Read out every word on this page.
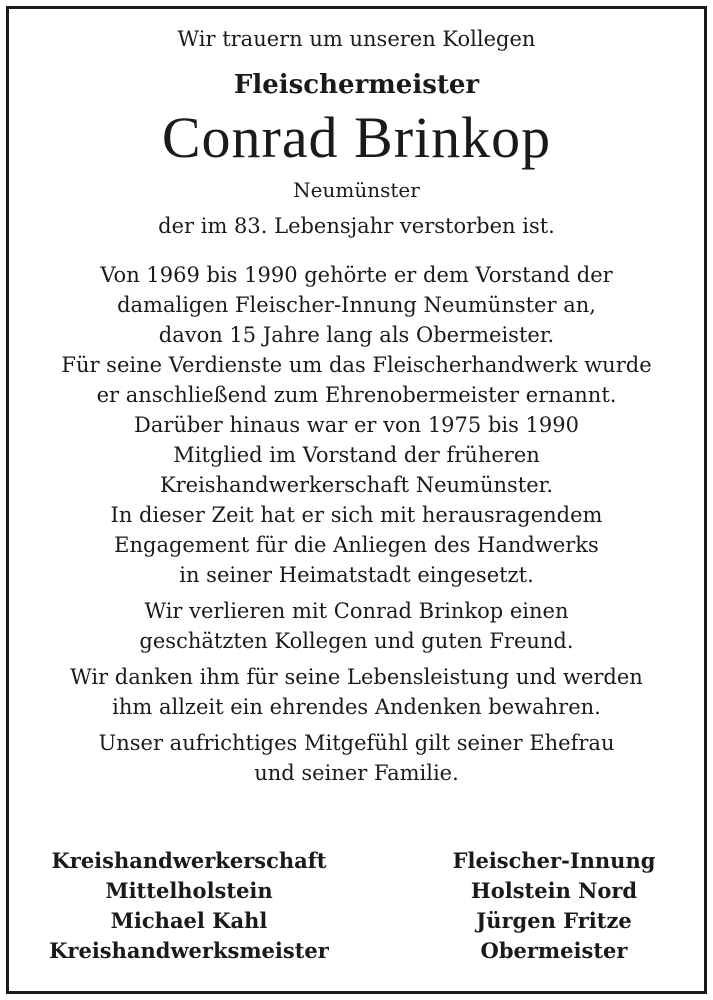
Wir trauern um unseren Kollegen
Fleischermeister
Conrad Brinkop
Neumünster
der im 83. Lebensjahr verstorben ist.
Von 1969 bis 1990 gehörte er dem Vorstand der
damaligen Fleischer-Innung Neumünster an,
davon 15 Jahre lang als Obermeister.
Für seine Verdienste um das Fleischerhandwerk wurde
er anschließend zum Ehrenobermeister ernannt.
Darüber hinaus war er von 1975 bis 1990
Mitglied im Vorstand der früheren
Kreishandwerkerschaft Neumünster.
In dieser Zeit hat er sich mit herausragendem
Engagement für die Anliegen des Handwerks
in seiner Heimatstadt eingesetzt.
Wir verlieren mit Conrad Brinkop einen
geschätzten Kollegen und guten Freund.
Wir danken ihm für seine Lebensleistung und werden
ihm allzeit ein ehrendes Andenken bewahren.
Unser aufrichtiges Mitgefühl gilt seiner Ehefrau
und seiner Familie.
Kreishandwerkerschaft
Mittelholstein
Michael Kahl
Kreishandwerksmeister
Fleischer-Innung
Holstein Nord
Jürgen Fritze
Obermeister
